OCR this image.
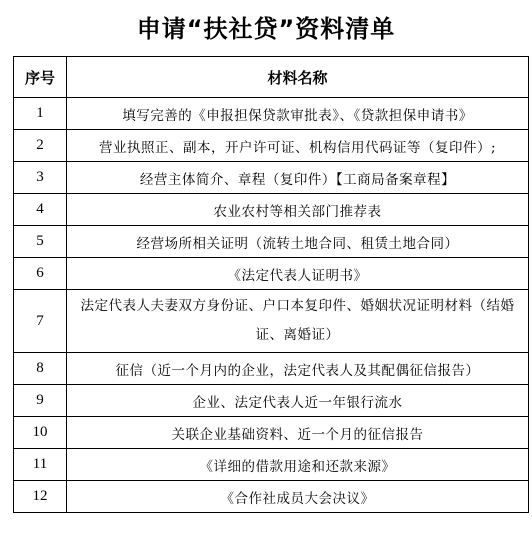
申请“扶社贷”资料清单
序号	材料名称
1	填写完善的《申报担保贷款审批表》、《贷款担保申请书》
2	营业执照正、副本，开户许可证、机构信用代码证等（复印件）;
3	经营主体简介、章程（复印件）【工商局备案章程】
4	农业农村等相关部门推荐表
5	经营场所相关证明（流转土地合同、租赁土地合同）
6	《法定代表人证明书》
7	法定代表人夫妻双方身份证、户口本复印件、婚姻状况证明材料（结婚证、离婚证）
8	征信（近一个月内的企业，法定代表人及其配偶征信报告）
9	企业、法定代表人近一年银行流水
10	关联企业基础资料、近一个月的征信报告
11	《详细的借款用途和还款来源》
12	《合作社成员大会决议》
